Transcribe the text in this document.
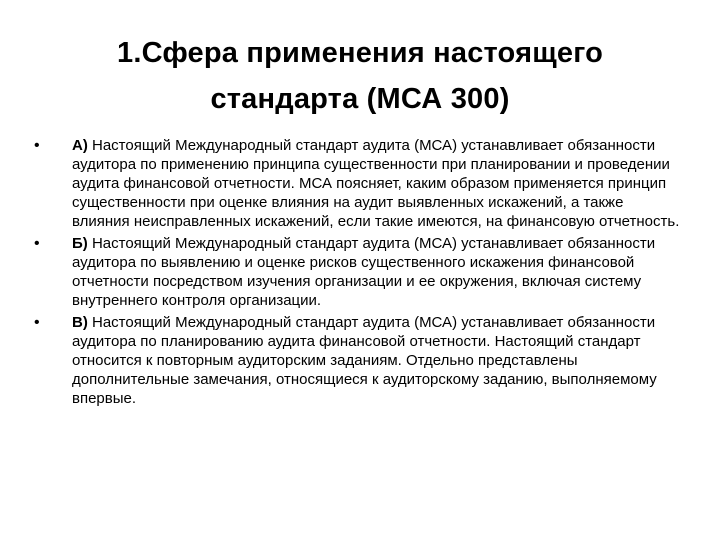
1.Сфера применения настоящего
стандарта (МСА 300)
•	А) Настоящий Международный стандарт аудита (МСА) устанавливает обязанности аудитора по применению принципа существенности при планировании и проведении аудита финансовой отчетности. МСА поясняет, каким образом применяется принцип существенности при оценке влияния на аудит выявленных искажений, а также влияния неисправленных искажений, если такие имеются, на финансовую отчетность.
•	Б) Настоящий Международный стандарт аудита (МСА) устанавливает обязанности аудитора по выявлению и оценке рисков существенного искажения финансовой отчетности посредством изучения организации и ее окружения, включая систему внутреннего контроля организации.
•	В) Настоящий Международный стандарт аудита (МСА) устанавливает обязанности аудитора по планированию аудита финансовой отчетности. Настоящий стандарт относится к повторным аудиторским заданиям. Отдельно представлены дополнительные замечания, относящиеся к аудиторскому заданию, выполняемому впервые.
